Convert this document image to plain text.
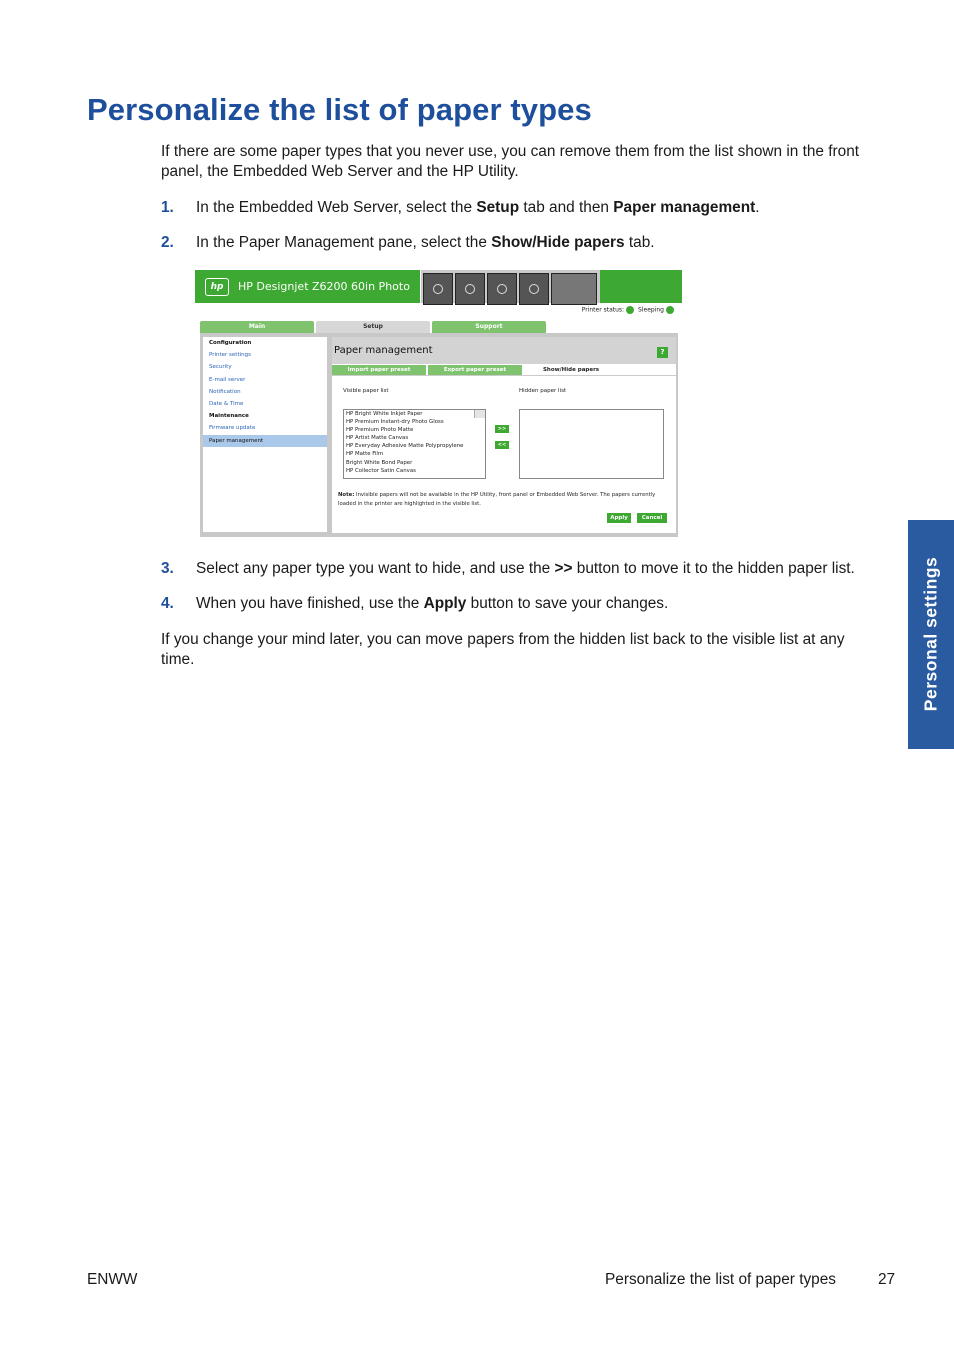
Personalize the list of paper types

If there are some paper types that you never use, you can remove them from the list shown in the front panel, the Embedded Web Server and the HP Utility.

1. In the Embedded Web Server, select the Setup tab and then Paper management.
2. In the Paper Management pane, select the Show/Hide papers tab.
hp	HP Designjet Z6200 60in Photo
Printer status: Sleeping
Main	Setup	Support
Configuration
Printer settings
Security
E-mail server
Notification
Date & Time
Maintenance
Firmware update
Paper management
Paper management	?
Import paper preset	Export paper preset	Show/Hide papers
Visible paper list	Hidden paper list
HP Bright White Inkjet Paper
HP Premium Instant-dry Photo Gloss
HP Premium Photo Matte
HP Artist Matte Canvas
HP Everyday Adhesive Matte Polypropylene
HP Matte Film
Bright White Bond Paper
HP Collector Satin Canvas
>>
<<
Note: Invisible papers will not be available in the HP Utility, front panel or Embedded Web Server. The papers currently loaded in the printer are highlighted in the visible list.
Apply	Cancel
3. Select any paper type you want to hide, and use the >> button to move it to the hidden paper list.
4. When you have finished, use the Apply button to save your changes.

If you change your mind later, you can move papers from the hidden list back to the visible list at any time.	Personal settings
ENWW	Personalize the list of paper types	27
